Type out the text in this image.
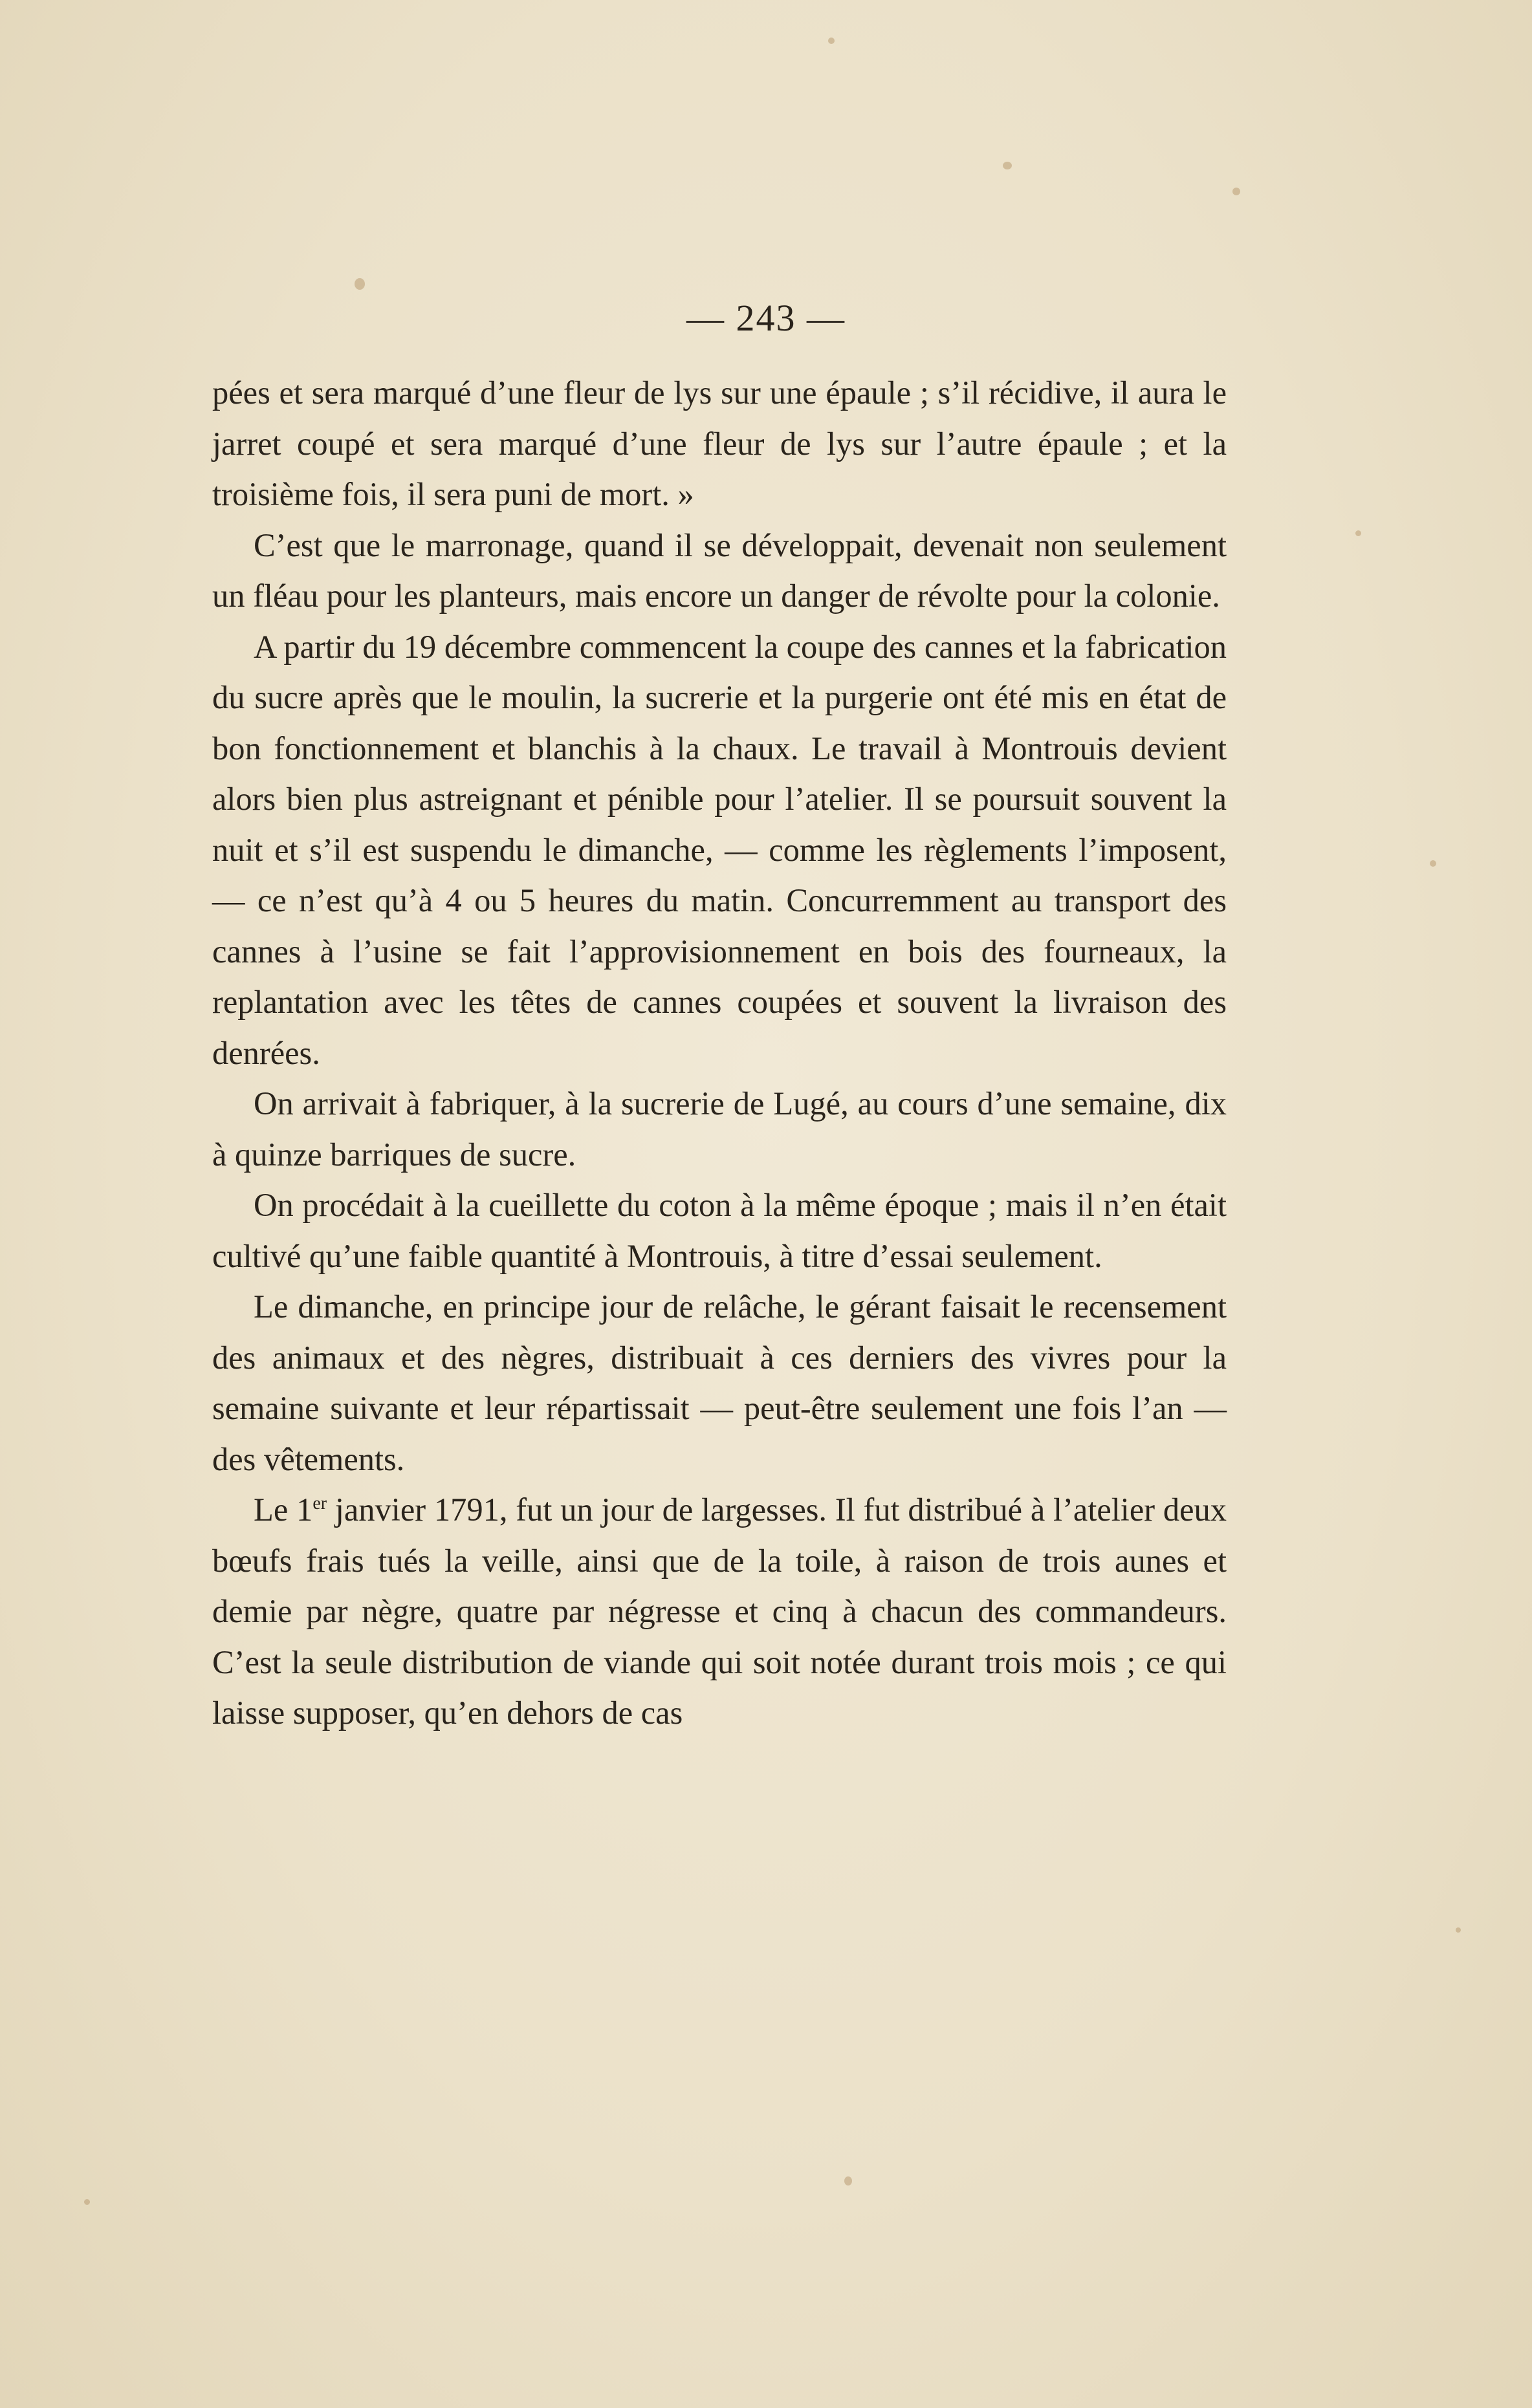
— 243 —

pées et sera marqué d’une fleur de lys sur une épaule ; s’il récidive, il aura le jarret coupé et sera marqué d’une fleur de lys sur l’autre épaule ; et la troisième fois, il sera puni de mort. »

C’est que le marronage, quand il se développait, devenait non seulement un fléau pour les planteurs, mais encore un danger de révolte pour la colonie.

A partir du 19 décembre commencent la coupe des cannes et la fabrication du sucre après que le moulin, la sucrerie et la purgerie ont été mis en état de bon fonctionnement et blanchis à la chaux. Le travail à Montrouis devient alors bien plus astreignant et pénible pour l’atelier. Il se poursuit souvent la nuit et s’il est suspendu le dimanche, — comme les règlements l’imposent, — ce n’est qu’à 4 ou 5 heures du matin. Concurremment au transport des cannes à l’usine se fait l’approvisionnement en bois des fourneaux, la replantation avec les têtes de cannes coupées et souvent la livraison des denrées.

On arrivait à fabriquer, à la sucrerie de Lugé, au cours d’une semaine, dix à quinze barriques de sucre.

On procédait à la cueillette du coton à la même époque ; mais il n’en était cultivé qu’une faible quantité à Montrouis, à titre d’essai seulement.

Le dimanche, en principe jour de relâche, le gérant faisait le recensement des animaux et des nègres, distribuait à ces derniers des vivres pour la semaine suivante et leur répartissait — peut-être seulement une fois l’an — des vêtements.

Le 1er janvier 1791, fut un jour de largesses. Il fut distribué à l’atelier deux bœufs frais tués la veille, ainsi que de la toile, à raison de trois aunes et demie par nègre, quatre par négresse et cinq à chacun des commandeurs. C’est la seule distribution de viande qui soit notée durant trois mois ; ce qui laisse supposer, qu’en dehors de cas
